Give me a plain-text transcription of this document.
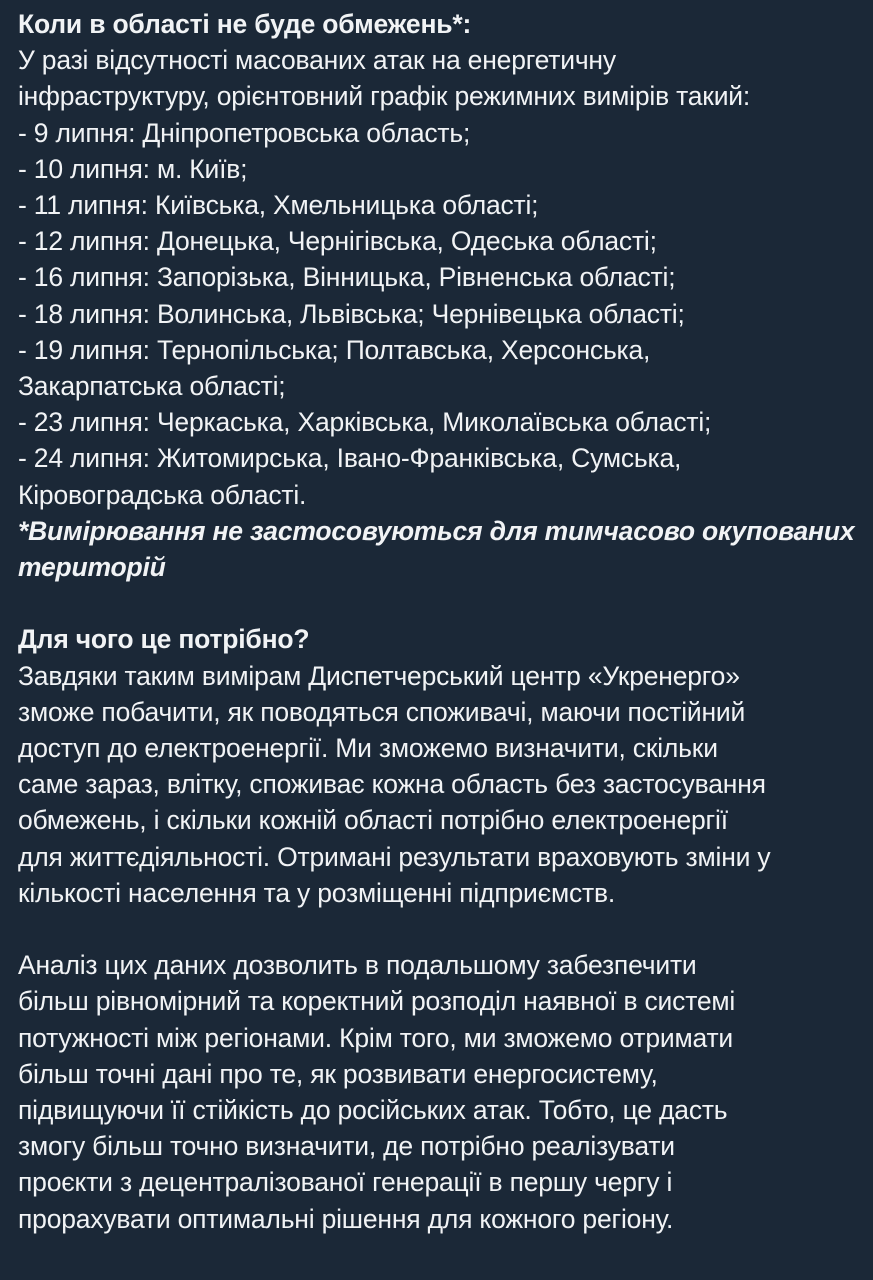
Коли в області не буде обмежень*:
У разі відсутності масованих атак на енергетичну
інфраструктуру, орієнтовний графік режимних вимірів такий:
- 9 липня: Дніпропетровська область;
- 10 липня: м. Київ;
- 11 липня: Київська, Хмельницька області;
- 12 липня: Донецька, Чернігівська, Одеська області;
- 16 липня: Запорізька, Вінницька, Рівненська області;
- 18 липня: Волинська, Львівська; Чернівецька області;
- 19 липня: Тернопільська; Полтавська, Херсонська,
Закарпатська області;
- 23 липня: Черкаська, Харківська, Миколаївська області;
- 24 липня: Житомирська, Івано-Франківська, Сумська,
Кіровоградська області.
*Вимірювання не застосовуються для тимчасово окупованих
територій
Для чого це потрібно?
Завдяки таким вимірам Диспетчерський центр «Укренерго»
зможе побачити, як поводяться споживачі, маючи постійний
доступ до електроенергії. Ми зможемо визначити, скільки
саме зараз, влітку, споживає кожна область без застосування
обмежень, і скільки кожній області потрібно електроенергії
для життєдіяльності. Отримані результати враховують зміни у
кількості населення та у розміщенні підприємств.
Аналіз цих даних дозволить в подальшому забезпечити
більш рівномірний та коректний розподіл наявної в системі
потужності між регіонами. Крім того, ми зможемо отримати
більш точні дані про те, як розвивати енергосистему,
підвищуючи її стійкість до російських атак. Тобто, це дасть
змогу більш точно визначити, де потрібно реалізувати
проєкти з децентралізованої генерації в першу чергу і
прорахувати оптимальні рішення для кожного регіону.
